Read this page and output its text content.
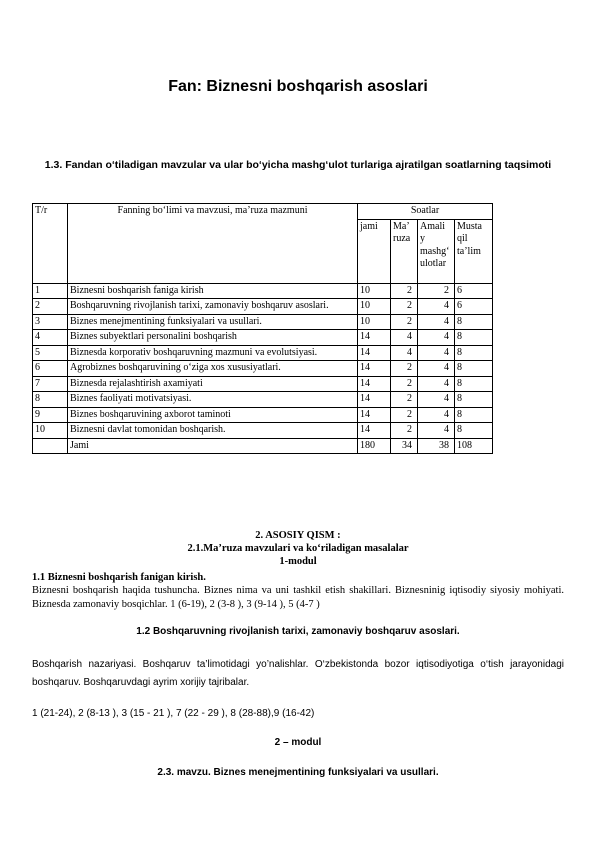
Fan: Biznesni boshqarish asoslari
1.3. Fandan o‘tiladigan mavzular va ular bo‘yicha mashg‘ulot turlariga ajratilgan soatlarning taqsimoti
T/r	Fanning bo‘limi va mavzusi, ma’ruza mazmuni	Soatlar			
		jami	Ma’ ruza	Amali y mashg‘ ulotlar	Musta qil ta’lim
1	Biznesni boshqarish faniga kirish	10	2	2	6
2	Boshqaruvning rivojlanish tarixi, zamonaviy boshqaruv asoslari.	10	2	4	6
3	Biznes menejmentining funksiyalari va usullari.	10	2	4	8
4	Biznes subyektlari personalini boshqarish	14	4	4	8
5	Biznesda korporativ boshqaruvning mazmuni va evolutsiyasi.	14	4	4	8
6	Agrobiznes boshqaruvining o‘ziga xos xususiyatlari.	14	2	4	8
7	Biznesda rejalashtirish axamiyati	14	2	4	8
8	Biznes faoliyati motivatsiyasi.	14	2	4	8
9	Biznes boshqaruvining axborot taminoti	14	2	4	8
10	Biznesni davlat tomonidan boshqarish.	14	2	4	8
	Jami	180	34	38	108
2. ASOSIY QISM :
2.1.Ma’ruza mavzulari va ko‘riladigan masalalar
1-modul
1.1 Biznesni boshqarish fanigan kirish.
Biznesni boshqarish haqida tushuncha. Biznes nima va uni tashkil etish shakillari. Biznesninig iqtisodiy siyosiy mohiyati. Biznesda zamonaviy bosqichlar. 1 (6-19), 2 (3-8 ), 3 (9-14 ), 5 (4-7 )
1.2 Boshqaruvning rivojlanish tarixi, zamonaviy boshqaruv asoslari.
Boshqarish nazariyasi. Boshqaruv ta’limotidagi yo’nalishlar. O‘zbekistonda bozor iqtisodiyotiga o‘tish jarayonidagi boshqaruv. Boshqaruvdagi ayrim xorijiy tajribalar.
1 (21-24), 2 (8-13 ), 3 (15 - 21 ), 7 (22 - 29 ), 8 (28-88),9 (16-42)
2 – modul
2.3. mavzu. Biznes menejmentining funksiyalari va usullari.
